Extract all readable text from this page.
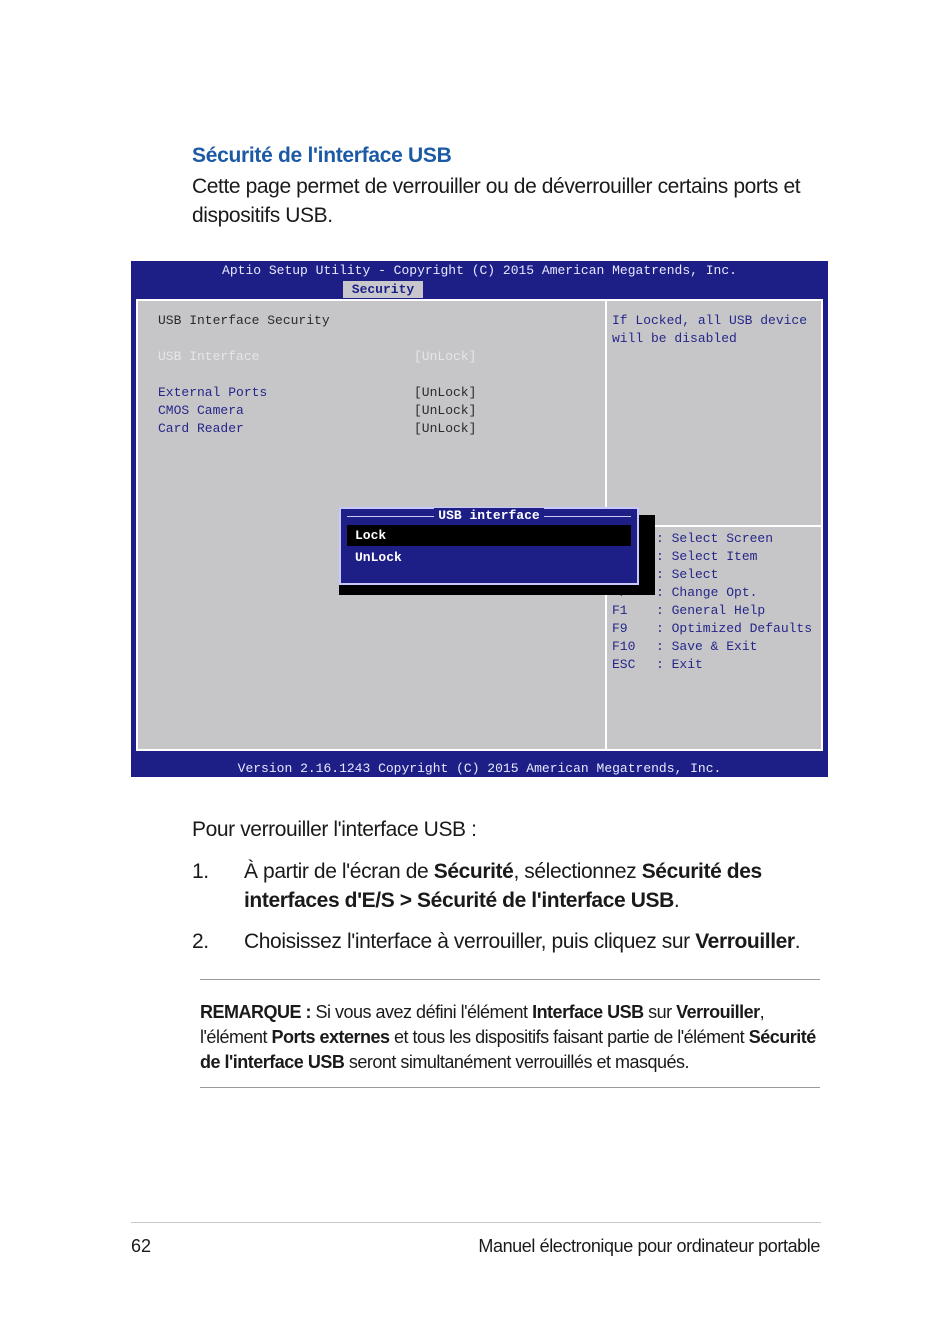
Sécurité de l'interface USB
Cette page permet de verrouiller ou de déverrouiller certains ports et dispositifs USB.
Aptio Setup Utility - Copyright (C) 2015 American Megatrends, Inc.
Security
USB Interface Security
USB Interface	[UnLock]
External Ports	[UnLock]
CMOS Camera	[UnLock]
Card Reader	[UnLock]
If Locked, all USB device
will be disabled
: Select Screen
: Select Item
: Select
: Change Opt.
F1 : General Help
F9 : Optimized Defaults
F10 : Save & Exit
ESC : Exit
USB interface
Lock
UnLock
Version 2.16.1243 Copyright (C) 2015 American Megatrends, Inc.
Pour verrouiller l'interface USB :
1. À partir de l'écran de Sécurité, sélectionnez Sécurité des interfaces d'E/S > Sécurité de l'interface USB.
2. Choisissez l'interface à verrouiller, puis cliquez sur Verrouiller.
REMARQUE : Si vous avez défini l'élément Interface USB sur Verrouiller, l'élément Ports externes et tous les dispositifs faisant partie de l'élément Sécurité de l'interface USB seront simultanément verrouillés et masqués.
62	Manuel électronique pour ordinateur portable
